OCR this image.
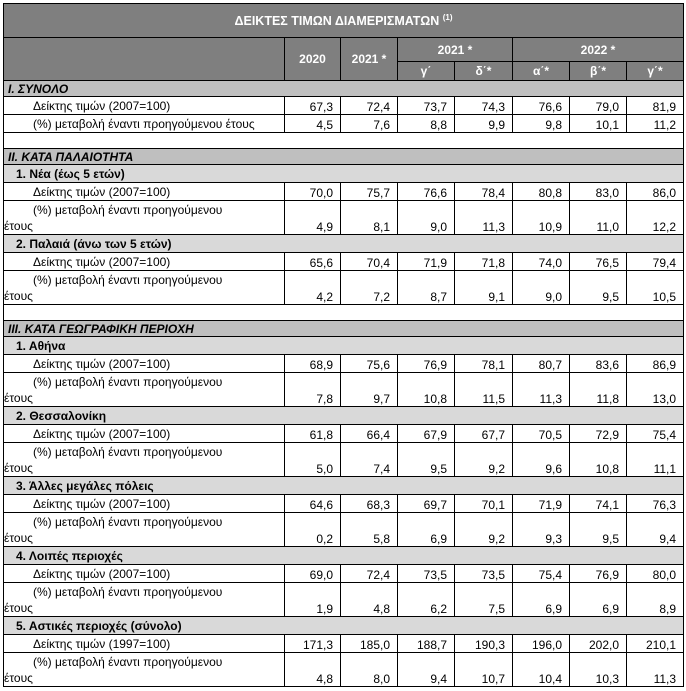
ΔΕΙΚΤΕΣ ΤΙΜΩΝ ΔΙΑΜΕΡΙΣΜΑΤΩΝ $^{(1)}$
	2020	2021 *	2021 *		2022 *		
			γ΄	δ΄*	α΄*	β΄*	γ΄*
Ι. ΣΥΝΟΛΟ							
Δείκτης τιμών (2007=100)	67,3	72,4	73,7	74,3	76,6	79,0	81,9
(%) μεταβολή έναντι προηγούμενου έτους	4,5	7,6	8,8	9,9	9,8	10,1	11,2

ΙΙ. ΚΑΤΑ ΠΑΛΑΙΟΤΗΤΑ							
1. Νέα (έως 5 ετών)							
Δείκτης τιμών (2007=100)	70,0	75,7	76,6	78,4	80,8	83,0	86,0
(%) μεταβολή έναντι προηγούμενου
έτους	4,9	8,1	9,0	11,3	10,9	11,0	12,2
2. Παλαιά (άνω των 5 ετών)							
Δείκτης τιμών (2007=100)	65,6	70,4	71,9	71,8	74,0	76,5	79,4
(%) μεταβολή έναντι προηγούμενου
έτους	4,2	7,2	8,7	9,1	9,0	9,5	10,5

ΙΙΙ. ΚΑΤΑ ΓΕΩΓΡΑΦΙΚΗ ΠΕΡΙΟΧΗ							
1. Αθήνα							
Δείκτης τιμών (2007=100)	68,9	75,6	76,9	78,1	80,7	83,6	86,9
(%) μεταβολή έναντι προηγούμενου
έτους	7,8	9,7	10,8	11,5	11,3	11,8	13,0
2. Θεσσαλονίκη							
Δείκτης τιμών (2007=100)	61,8	66,4	67,9	67,7	70,5	72,9	75,4
(%) μεταβολή έναντι προηγούμενου
έτους	5,0	7,4	9,5	9,2	9,6	10,8	11,1
3. Άλλες μεγάλες πόλεις							
Δείκτης τιμών (2007=100)	64,6	68,3	69,7	70,1	71,9	74,1	76,3
(%) μεταβολή έναντι προηγούμενου
έτους	0,2	5,8	6,9	9,2	9,3	9,5	9,4
4. Λοιπές περιοχές							
Δείκτης τιμών (2007=100)	69,0	72,4	73,5	73,5	75,4	76,9	80,0
(%) μεταβολή έναντι προηγούμενου
έτους	1,9	4,8	6,2	7,5	6,9	6,9	8,9
5. Αστικές περιοχές (σύνολο)							
Δείκτης τιμών (1997=100)	171,3	185,0	188,7	190,3	196,0	202,0	210,1
(%) μεταβολή έναντι προηγούμενου
έτους	4,8	8,0	9,4	10,7	10,4	10,3	11,3
